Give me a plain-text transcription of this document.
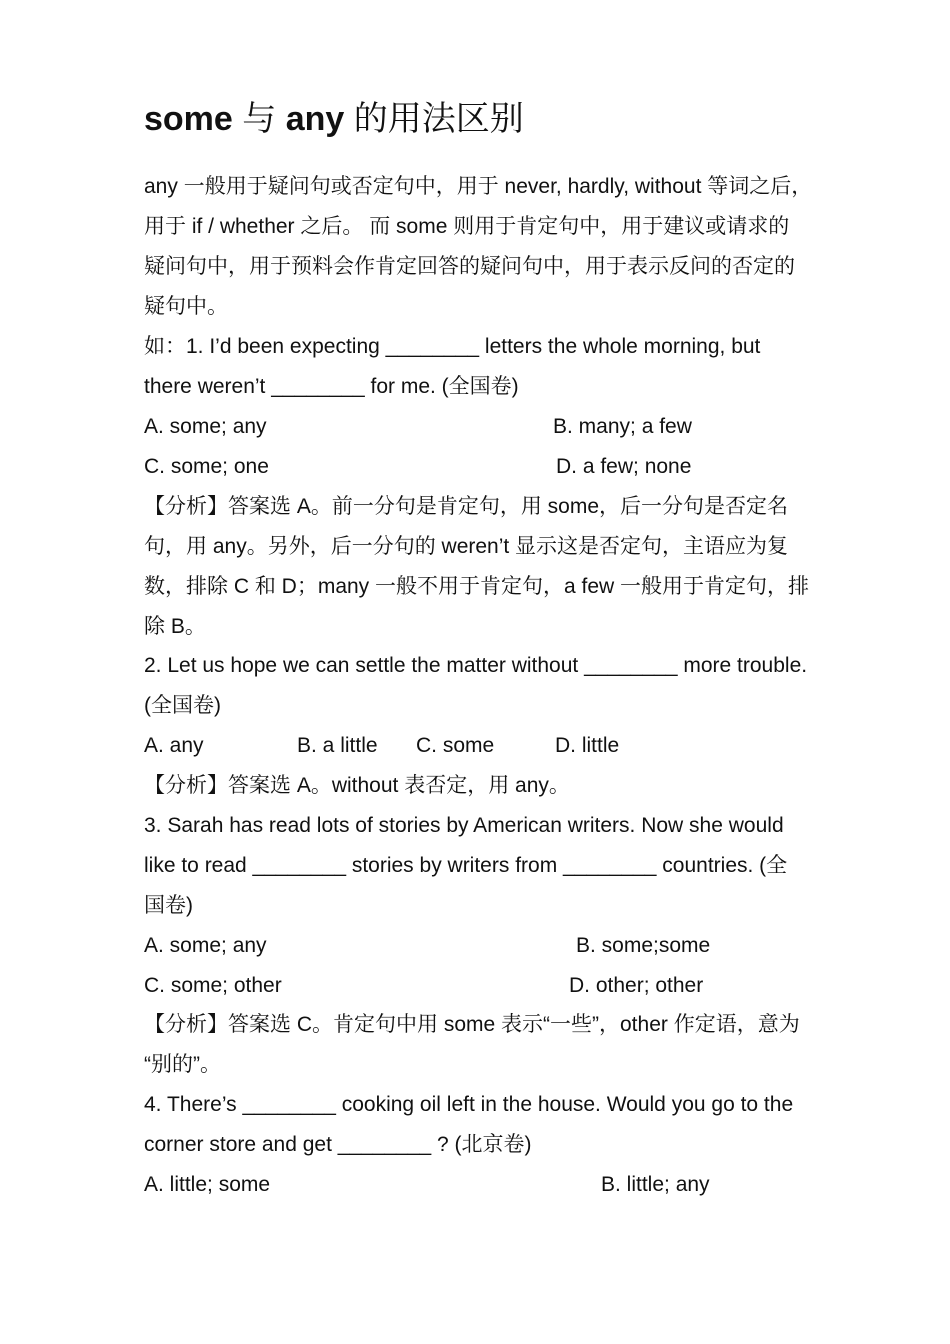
some 与 any 的用法区别
any 一般用于疑问句或否定句中，用于 never, hardly, without 等词之后，
用于 if / whether 之后。 而 some 则用于肯定句中，用于建议或请求的
疑问句中，用于预料会作肯定回答的疑问句中，用于表示反问的否定的
疑句中。
如：1. I’d been expecting ________ letters the whole morning, but
there weren’t ________ for me. (全国卷)
A. some; any	B. many; a few
C. some; one	D. a few; none
【分析】答案选 A。前一分句是肯定句，用 some，后一分句是否定名
句，用 any。另外，后一分句的 weren’t 显示这是否定句，主语应为复
数，排除 C 和 D；many 一般不用于肯定句，a few 一般用于肯定句，排
除 B。
2. Let us hope we can settle the matter without ________ more trouble.
(全国卷)
A. any	B. a little C. some	D. little
【分析】答案选 A。without 表否定，用 any。
3. Sarah has read lots of stories by American writers. Now she would
like to read ________ stories by writers from ________ countries. (全
国卷)
A. some; any	B. some;some
C. some; other	D. other; other
【分析】答案选 C。肯定句中用 some 表示“一些”，other 作定语，意为
“别的”。
4. There’s ________ cooking oil left in the house. Would you go to the
corner store and get ________ ? (北京卷)
A. little; some	B. little; any
